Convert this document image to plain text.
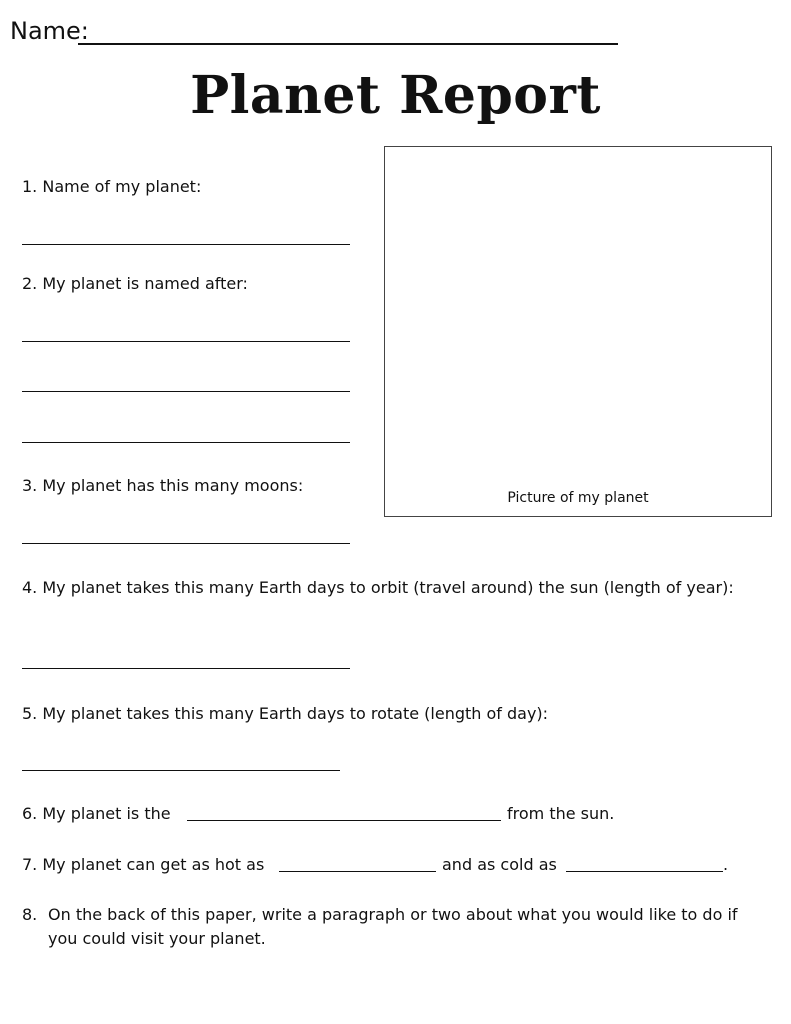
Name:
Planet Report
Picture of my planet
1. Name of my planet:
2. My planet is named after:
3. My planet has this many moons:
4. My planet takes this many Earth days to orbit (travel around) the sun (length of year):
5. My planet takes this many Earth days to rotate (length of day):
6. My planet is the	from the sun.
7. My planet can get as hot as	and as cold as	.
8. On the back of this paper, write a paragraph or two about what you would like to do if you could visit your planet.
